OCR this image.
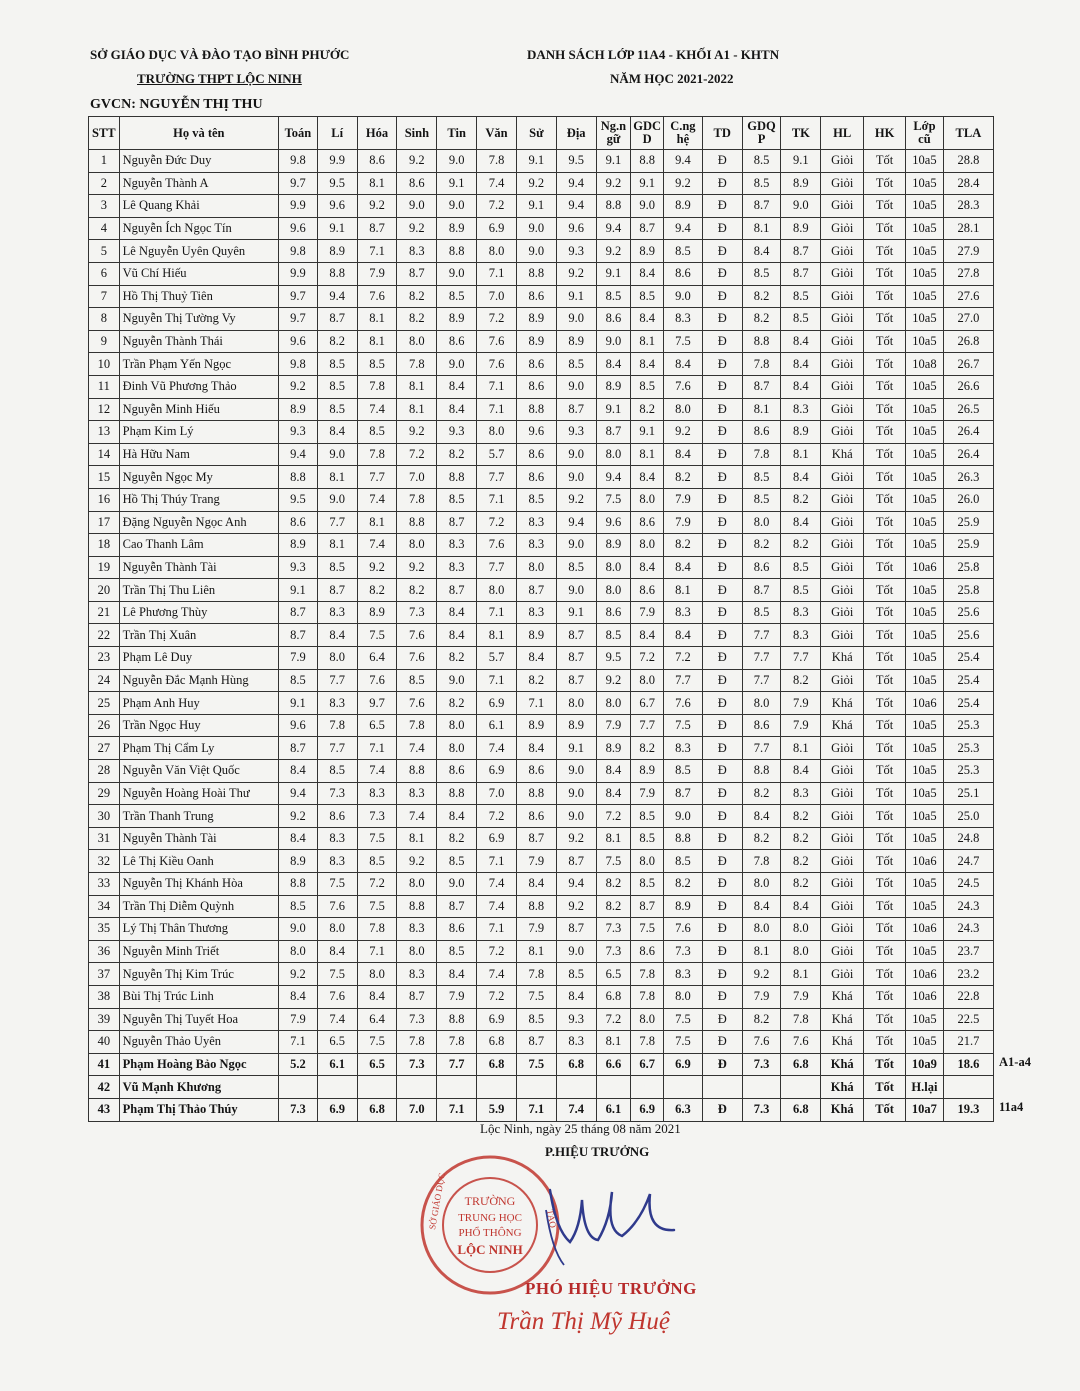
SỞ GIÁO DỤC VÀ ĐÀO TẠO BÌNH PHƯỚC
TRƯỜNG THPT LỘC NINH
GVCN: NGUYỄN THỊ THU
DANH SÁCH LỚP 11A4 - KHỐI A1 - KHTN
NĂM HỌC 2021-2022
STT	Họ và tên	Toán	Lí	Hóa	Sinh	Tin	Văn	Sử	Địa	Ng.n gữ	GDC D	C.ng hệ	TD	GDQ P	TK	HL	HK	Lớp cũ	TLA
1	Nguyễn Đức Duy	9.8	9.9	8.6	9.2	9.0	7.8	9.1	9.5	9.1	8.8	9.4	Đ	8.5	9.1	Giỏi	Tốt	10a5	28.8
2	Nguyễn Thành A	9.7	9.5	8.1	8.6	9.1	7.4	9.2	9.4	9.2	9.1	9.2	Đ	8.5	8.9	Giỏi	Tốt	10a5	28.4
3	Lê Quang Khải	9.9	9.6	9.2	9.0	9.0	7.2	9.1	9.4	8.8	9.0	8.9	Đ	8.7	9.0	Giỏi	Tốt	10a5	28.3
4	Nguyễn Ích Ngọc Tín	9.6	9.1	8.7	9.2	8.9	6.9	9.0	9.6	9.4	8.7	9.4	Đ	8.1	8.9	Giỏi	Tốt	10a5	28.1
5	Lê Nguyễn Uyên Quyên	9.8	8.9	7.1	8.3	8.8	8.0	9.0	9.3	9.2	8.9	8.5	Đ	8.4	8.7	Giỏi	Tốt	10a5	27.9
6	Vũ Chí Hiếu	9.9	8.8	7.9	8.7	9.0	7.1	8.8	9.2	9.1	8.4	8.6	Đ	8.5	8.7	Giỏi	Tốt	10a5	27.8
7	Hồ Thị Thuỷ Tiên	9.7	9.4	7.6	8.2	8.5	7.0	8.6	9.1	8.5	8.5	9.0	Đ	8.2	8.5	Giỏi	Tốt	10a5	27.6
8	Nguyễn Thị Tường Vy	9.7	8.7	8.1	8.2	8.9	7.2	8.9	9.0	8.6	8.4	8.3	Đ	8.2	8.5	Giỏi	Tốt	10a5	27.0
9	Nguyễn Thành Thái	9.6	8.2	8.1	8.0	8.6	7.6	8.9	8.9	9.0	8.1	7.5	Đ	8.8	8.4	Giỏi	Tốt	10a5	26.8
10	Trần Phạm Yến Ngọc	9.8	8.5	8.5	7.8	9.0	7.6	8.6	8.5	8.4	8.4	8.4	Đ	7.8	8.4	Giỏi	Tốt	10a8	26.7
11	Đinh Vũ Phương Thảo	9.2	8.5	7.8	8.1	8.4	7.1	8.6	9.0	8.9	8.5	7.6	Đ	8.7	8.4	Giỏi	Tốt	10a5	26.6
12	Nguyễn Minh Hiếu	8.9	8.5	7.4	8.1	8.4	7.1	8.8	8.7	9.1	8.2	8.0	Đ	8.1	8.3	Giỏi	Tốt	10a5	26.5
13	Phạm Kim Lý	9.3	8.4	8.5	9.2	9.3	8.0	9.6	9.3	8.7	9.1	9.2	Đ	8.6	8.9	Giỏi	Tốt	10a5	26.4
14	Hà Hữu Nam	9.4	9.0	7.8	7.2	8.2	5.7	8.6	9.0	8.0	8.1	8.4	Đ	7.8	8.1	Khá	Tốt	10a5	26.4
15	Nguyễn Ngọc My	8.8	8.1	7.7	7.0	8.8	7.7	8.6	9.0	9.4	8.4	8.2	Đ	8.5	8.4	Giỏi	Tốt	10a5	26.3
16	Hồ Thị Thúy Trang	9.5	9.0	7.4	7.8	8.5	7.1	8.5	9.2	7.5	8.0	7.9	Đ	8.5	8.2	Giỏi	Tốt	10a5	26.0
17	Đặng Nguyễn Ngọc Anh	8.6	7.7	8.1	8.8	8.7	7.2	8.3	9.4	9.6	8.6	7.9	Đ	8.0	8.4	Giỏi	Tốt	10a5	25.9
18	Cao Thanh Lâm	8.9	8.1	7.4	8.0	8.3	7.6	8.3	9.0	8.9	8.0	8.2	Đ	8.2	8.2	Giỏi	Tốt	10a5	25.9
19	Nguyễn Thành Tài	9.3	8.5	9.2	9.2	8.3	7.7	8.0	8.5	8.0	8.4	8.4	Đ	8.6	8.5	Giỏi	Tốt	10a6	25.8
20	Trần Thị Thu Liên	9.1	8.7	8.2	8.2	8.7	8.0	8.7	9.0	8.0	8.6	8.1	Đ	8.7	8.5	Giỏi	Tốt	10a5	25.8
21	Lê Phương Thùy	8.7	8.3	8.9	7.3	8.4	7.1	8.3	9.1	8.6	7.9	8.3	Đ	8.5	8.3	Giỏi	Tốt	10a5	25.6
22	Trần Thị Xuân	8.7	8.4	7.5	7.6	8.4	8.1	8.9	8.7	8.5	8.4	8.4	Đ	7.7	8.3	Giỏi	Tốt	10a5	25.6
23	Phạm Lê Duy	7.9	8.0	6.4	7.6	8.2	5.7	8.4	8.7	9.5	7.2	7.2	Đ	7.7	7.7	Khá	Tốt	10a5	25.4
24	Nguyễn Đắc Mạnh Hùng	8.5	7.7	7.6	8.5	9.0	7.1	8.2	8.7	9.2	8.0	7.7	Đ	7.7	8.2	Giỏi	Tốt	10a5	25.4
25	Phạm Anh Huy	9.1	8.3	9.7	7.6	8.2	6.9	7.1	8.0	8.0	6.7	7.6	Đ	8.0	7.9	Khá	Tốt	10a6	25.4
26	Trần Ngọc Huy	9.6	7.8	6.5	7.8	8.0	6.1	8.9	8.9	7.9	7.7	7.5	Đ	8.6	7.9	Khá	Tốt	10a5	25.3
27	Phạm Thị Cẩm Ly	8.7	7.7	7.1	7.4	8.0	7.4	8.4	9.1	8.9	8.2	8.3	Đ	7.7	8.1	Giỏi	Tốt	10a5	25.3
28	Nguyễn Văn Việt Quốc	8.4	8.5	7.4	8.8	8.6	6.9	8.6	9.0	8.4	8.9	8.5	Đ	8.8	8.4	Giỏi	Tốt	10a5	25.3
29	Nguyễn Hoàng Hoài Thư	9.4	7.3	8.3	8.3	8.8	7.0	8.8	9.0	8.4	7.9	8.7	Đ	8.2	8.3	Giỏi	Tốt	10a5	25.1
30	Trần Thanh Trung	9.2	8.6	7.3	7.4	8.4	7.2	8.6	9.0	7.2	8.5	9.0	Đ	8.4	8.2	Giỏi	Tốt	10a5	25.0
31	Nguyễn Thành Tài	8.4	8.3	7.5	8.1	8.2	6.9	8.7	9.2	8.1	8.5	8.8	Đ	8.2	8.2	Giỏi	Tốt	10a5	24.8
32	Lê Thị Kiều Oanh	8.9	8.3	8.5	9.2	8.5	7.1	7.9	8.7	7.5	8.0	8.5	Đ	7.8	8.2	Giỏi	Tốt	10a6	24.7
33	Nguyễn Thị Khánh Hòa	8.8	7.5	7.2	8.0	9.0	7.4	8.4	9.4	8.2	8.5	8.2	Đ	8.0	8.2	Giỏi	Tốt	10a5	24.5
34	Trần Thị Diễm Quỳnh	8.5	7.6	7.5	8.8	8.7	7.4	8.8	9.2	8.2	8.7	8.9	Đ	8.4	8.4	Giỏi	Tốt	10a5	24.3
35	Lý Thị Thân Thương	9.0	8.0	7.8	8.3	8.6	7.1	7.9	8.7	7.3	7.5	7.6	Đ	8.0	8.0	Giỏi	Tốt	10a6	24.3
36	Nguyễn Minh Triết	8.0	8.4	7.1	8.0	8.5	7.2	8.1	9.0	7.3	8.6	7.3	Đ	8.1	8.0	Giỏi	Tốt	10a5	23.7
37	Nguyễn Thị Kim Trúc	9.2	7.5	8.0	8.3	8.4	7.4	7.8	8.5	6.5	7.8	8.3	Đ	9.2	8.1	Giỏi	Tốt	10a6	23.2
38	Bùi Thị Trúc Linh	8.4	7.6	8.4	8.7	7.9	7.2	7.5	8.4	6.8	7.8	8.0	Đ	7.9	7.9	Khá	Tốt	10a6	22.8
39	Nguyễn Thị Tuyết Hoa	7.9	7.4	6.4	7.3	8.8	6.9	8.5	9.3	7.2	8.0	7.5	Đ	8.2	7.8	Khá	Tốt	10a5	22.5
40	Nguyễn Thảo Uyên	7.1	6.5	7.5	7.8	7.8	6.8	8.7	8.3	8.1	7.8	7.5	Đ	7.6	7.6	Khá	Tốt	10a5	21.7
41	Phạm Hoàng Bảo Ngọc	5.2	6.1	6.5	7.3	7.7	6.8	7.5	6.8	6.6	6.7	6.9	Đ	7.3	6.8	Khá	Tốt	10a9	18.6
42	Vũ Mạnh Khương															Khá	Tốt	H.lại	
43	Phạm Thị Thảo Thúy	7.3	6.9	6.8	7.0	7.1	5.9	7.1	7.4	6.1	6.9	6.3	Đ	7.3	6.8	Khá	Tốt	10a7	19.3
A1-a4
11a4
Lộc Ninh, ngày 25 tháng 08 năm 2021
P.HIỆU TRƯỞNG
TRƯỜNG
TRUNG HỌC
PHỔ THÔNG
LỘC NINH
SỞ GIÁO DỤC	TẠO
PHÓ HIỆU TRƯỞNG
Trần Thị Mỹ Huệ
